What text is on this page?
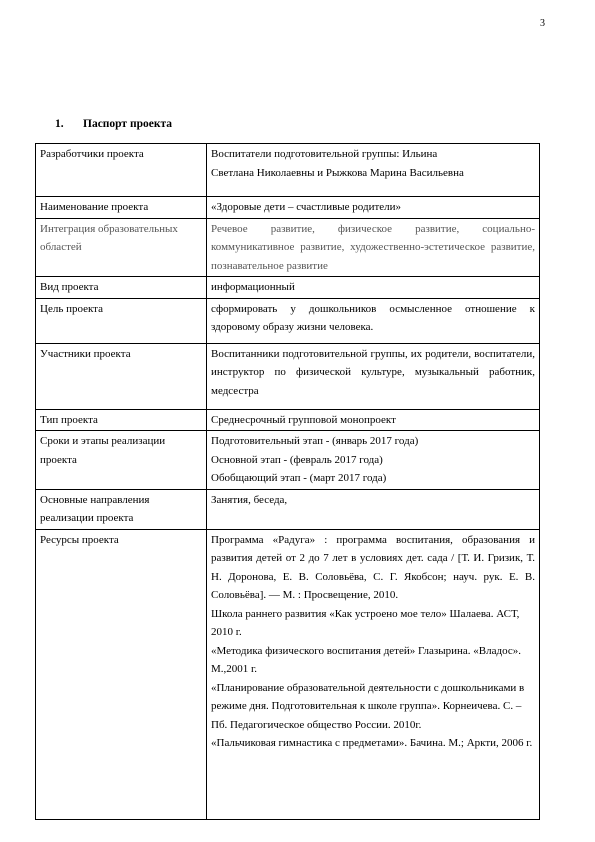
3
1. Паспорт проекта
Разработчики проекта	Воспитатели подготовительной группы: Ильина
Светлана Николаевны и Рыжкова Марина Васильевна

Наименование проекта	«Здоровые дети – счастливые родители»

Интеграция образовательных областей	Речевое развитие, физическое развитие, социально-коммуникативное развитие, художественно-эстетическое развитие, познавательное развитие

Вид проекта	информационный

Цель проекта	сформировать у дошкольников осмысленное отношение к здоровому образу жизни человека.

Участники проекта	Воспитанники подготовительной группы, их родители, воспитатели, инструктор по физической культуре, музыкальный работник, медсестра

Тип проекта	Среднесрочный групповой монопроект

Сроки и этапы реализации проекта	Подготовительный этап - (январь 2017 года)
Основной этап - (февраль 2017 года)
Обобщающий этап - (март 2017 года)

Основные направления реализации проекта	Занятия, беседа,

Ресурсы проекта	Программа «Радуга» : программа воспитания, образования и развития детей от 2 до 7 лет в условиях дет. сада / [Т. И. Гризик, Т. Н. Доронова, Е. В. Соловьёва, С. Г. Якобсон; науч. рук. Е. В. Соловьёва]. — М. : Просвещение, 2010.
Школа раннего развития «Как устроено мое тело» Шалаева. АСТ, 2010 г.
«Методика физического воспитания детей» Глазырина. «Владос». М.,2001 г.
«Планирование образовательной деятельности с дошкольниками в режиме дня. Подготовительная к школе группа». Корнеичева. С. – Пб. Педагогическое общество России. 2010г.
«Пальчиковая гимнастика с предметами». Бачина. М.; Аркти, 2006 г.
